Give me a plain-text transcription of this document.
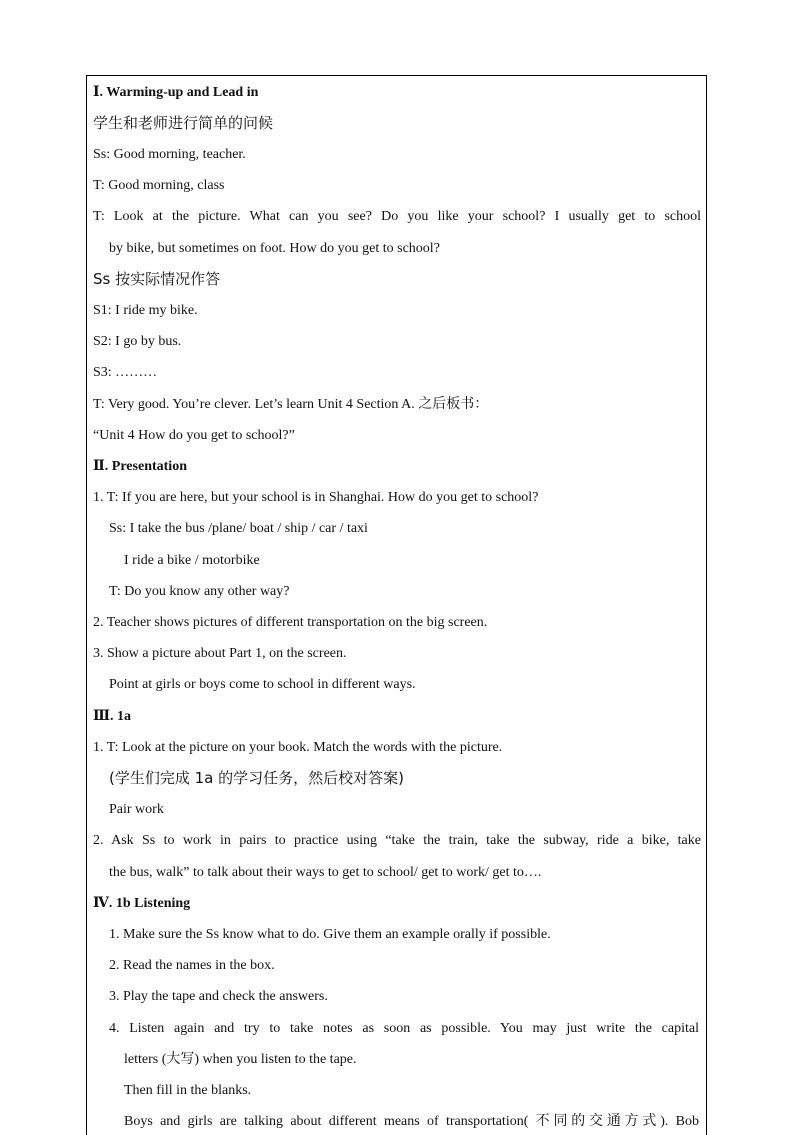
Ⅰ. Warming-up and Lead in
学生和老师进行简单的问候
Ss: Good morning, teacher.
T: Good morning, class
T: Look at the picture. What can you see? Do you like your school? I usually get to school
by bike, but sometimes on foot. How do you get to school?
Ss 按实际情况作答
S1: I ride my bike.
S2: I go by bus.
S3: ………
T: Very good. You’re clever. Let’s learn Unit 4 Section A. 之后板书：
“Unit 4 How do you get to school?”
Ⅱ. Presentation
1. T: If you are here, but your school is in Shanghai. How do you get to school?
Ss: I take the bus /plane/ boat / ship / car / taxi
I ride a bike / motorbike
T: Do you know any other way?
2. Teacher shows pictures of different transportation on the big screen.
3. Show a picture about Part 1, on the screen.
Point at girls or boys come to school in different ways.
Ⅲ. 1a
1. T: Look at the picture on your book. Match the words with the picture.
(学生们完成 1a 的学习任务，然后校对答案)
Pair work
2. Ask Ss to work in pairs to practice using “take the train, take the subway, ride a bike, take
the bus, walk” to talk about their ways to get to school/ get to work/ get to….
Ⅳ. 1b Listening
1. Make sure the Ss know what to do. Give them an example orally if possible.
2. Read the names in the box.
3. Play the tape and check the answers.
4. Listen again and try to take notes as soon as possible. You may just write the capital
letters (大写) when you listen to the tape.
Then fill in the blanks.
Boys and girls are talking about different means of transportation( 不同的交通方式). Bob
